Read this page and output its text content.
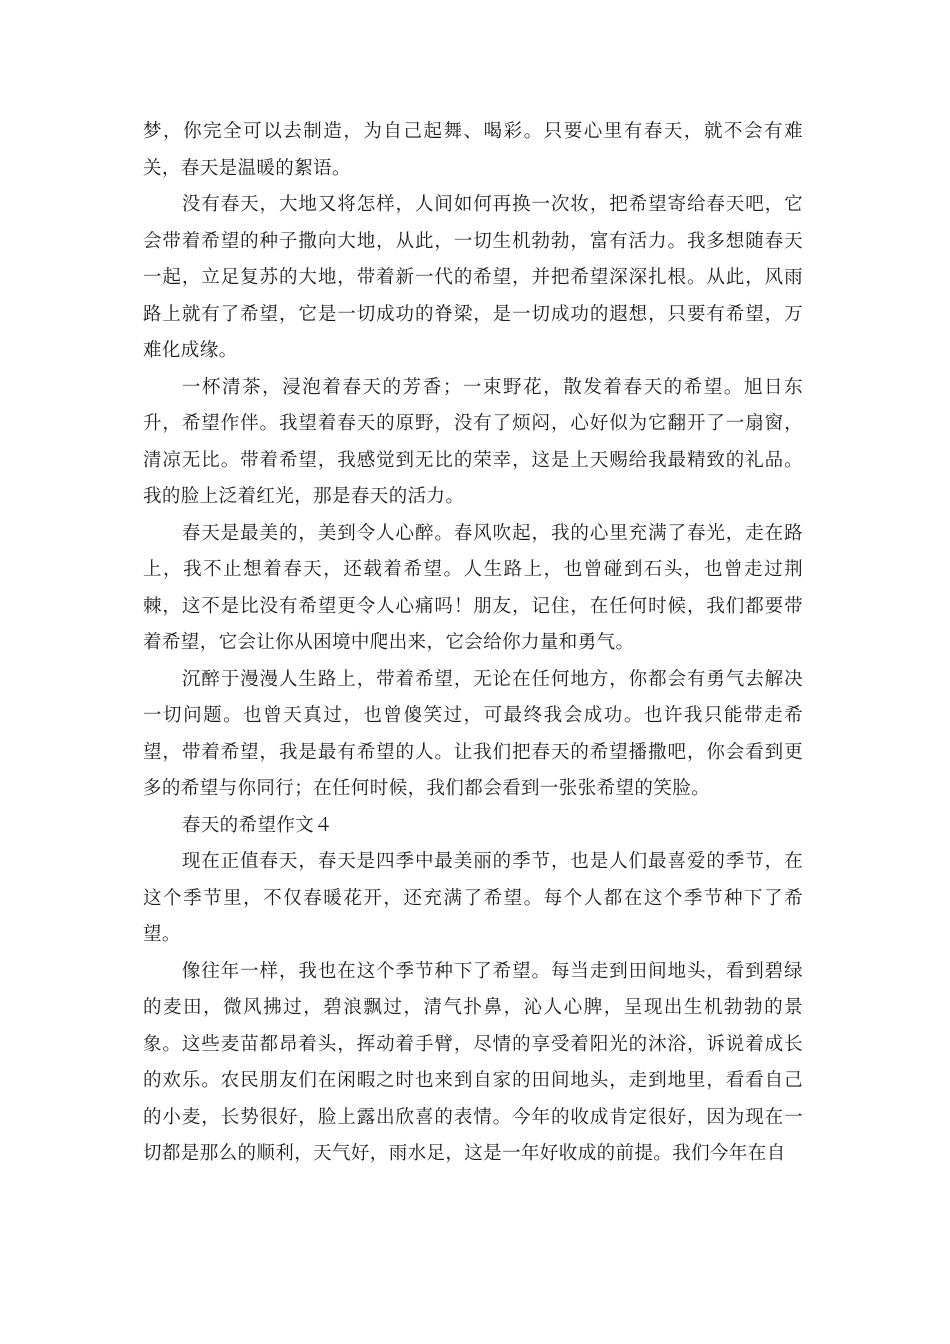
梦，你完全可以去制造，为自己起舞、喝彩。只要心里有春天，就不会有难关，春天是温暖的絮语。

没有春天，大地又将怎样，人间如何再换一次妆，把希望寄给春天吧，它会带着希望的种子撒向大地，从此，一切生机勃勃，富有活力。我多想随春天一起，立足复苏的大地，带着新一代的希望，并把希望深深扎根。从此，风雨路上就有了希望，它是一切成功的脊梁，是一切成功的遐想，只要有希望，万难化成缘。

一杯清茶，浸泡着春天的芳香；一束野花，散发着春天的希望。旭日东升，希望作伴。我望着春天的原野，没有了烦闷，心好似为它翻开了一扇窗，清凉无比。带着希望，我感觉到无比的荣幸，这是上天赐给我最精致的礼品。我的脸上泛着红光，那是春天的活力。

春天是最美的，美到令人心醉。春风吹起，我的心里充满了春光，走在路上，我不止想着春天，还载着希望。人生路上，也曾碰到石头，也曾走过荆棘，这不是比没有希望更令人心痛吗！朋友，记住，在任何时候，我们都要带着希望，它会让你从困境中爬出来，它会给你力量和勇气。

沉醉于漫漫人生路上，带着希望，无论在任何地方，你都会有勇气去解决一切问题。也曾天真过，也曾傻笑过，可最终我会成功。也许我只能带走希望，带着希望，我是最有希望的人。让我们把春天的希望播撒吧，你会看到更多的希望与你同行；在任何时候，我们都会看到一张张希望的笑脸。

春天的希望作文４

现在正值春天，春天是四季中最美丽的季节，也是人们最喜爱的季节，在这个季节里，不仅春暖花开，还充满了希望。每个人都在这个季节种下了希望。

像往年一样，我也在这个季节种下了希望。每当走到田间地头，看到碧绿的麦田，微风拂过，碧浪飘过，清气扑鼻，沁人心脾，呈现出生机勃勃的景象。这些麦苗都昂着头，挥动着手臂，尽情的享受着阳光的沐浴，诉说着成长的欢乐。农民朋友们在闲暇之时也来到自家的田间地头，走到地里，看看自己的小麦，长势很好，脸上露出欣喜的表情。今年的收成肯定很好，因为现在一切都是那么的顺利，天气好，雨水足，这是一年好收成的前提。我们今年在自
